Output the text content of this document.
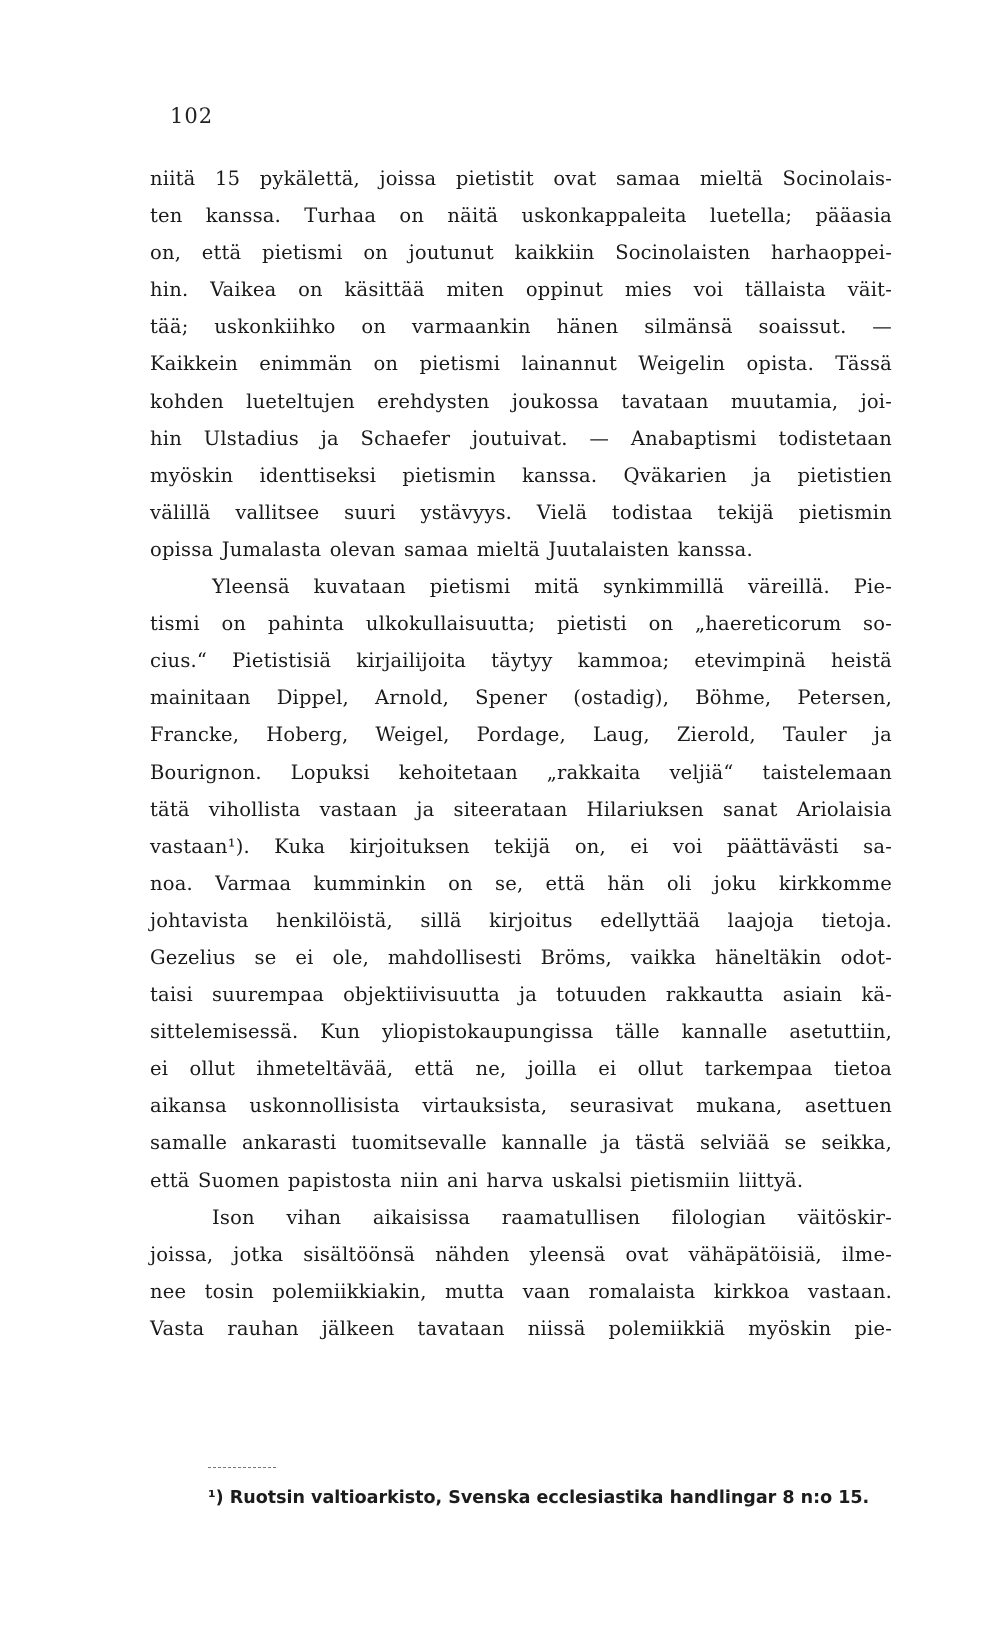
102
niitä 15 pykälettä, joissa pietistit ovat samaa mieltä Socinolais-
ten kanssa. Turhaa on näitä uskonkappaleita luetella; pääasia
on, että pietismi on joutunut kaikkiin Socinolaisten harhaoppei-
hin. Vaikea on käsittää miten oppinut mies voi tällaista väit-
tää; uskonkiihko on varmaankin hänen silmänsä soaissut. —
Kaikkein enimmän on pietismi lainannut Weigelin opista. Tässä
kohden lueteltujen erehdysten joukossa tavataan muutamia, joi-
hin Ulstadius ja Schaefer joutuivat. — Anabaptismi todistetaan
myöskin identtiseksi pietismin kanssa. Qväkarien ja pietistien
välillä vallitsee suuri ystävyys. Vielä todistaa tekijä pietismin
opissa Jumalasta olevan samaa mieltä Juutalaisten kanssa.
Yleensä kuvataan pietismi mitä synkimmillä väreillä. Pie-
tismi on pahinta ulkokullaisuutta; pietisti on „haereticorum so-
cius.“ Pietistisiä kirjailijoita täytyy kammoa; etevimpinä heistä
mainitaan Dippel, Arnold, Spener (ostadig), Böhme, Petersen,
Francke, Hoberg, Weigel, Pordage, Laug, Zierold, Tauler ja
Bourignon. Lopuksi kehoitetaan „rakkaita veljiä“ taistelemaan
tätä vihollista vastaan ja siteerataan Hilariuksen sanat Ariolaisia
vastaan¹). Kuka kirjoituksen tekijä on, ei voi päättävästi sa-
noa. Varmaa kumminkin on se, että hän oli joku kirkkomme
johtavista henkilöistä, sillä kirjoitus edellyttää laajoja tietoja.
Gezelius se ei ole, mahdollisesti Bröms, vaikka häneltäkin odot-
taisi suurempaa objektiivisuutta ja totuuden rakkautta asiain kä-
sittelemisessä. Kun yliopistokaupungissa tälle kannalle asetuttiin,
ei ollut ihmeteltävää, että ne, joilla ei ollut tarkempaa tietoa
aikansa uskonnollisista virtauksista, seurasivat mukana, asettuen
samalle ankarasti tuomitsevalle kannalle ja tästä selviää se seikka,
että Suomen papistosta niin ani harva uskalsi pietismiin liittyä.
Ison vihan aikaisissa raamatullisen filologian väitöskir-
joissa, jotka sisältöönsä nähden yleensä ovat vähäpätöisiä, ilme-
nee tosin polemiikkiakin, mutta vaan romalaista kirkkoa vastaan.
Vasta rauhan jälkeen tavataan niissä polemiikkiä myöskin pie-
¹) Ruotsin valtioarkisto, Svenska ecclesiastika handlingar 8 n:o 15.
